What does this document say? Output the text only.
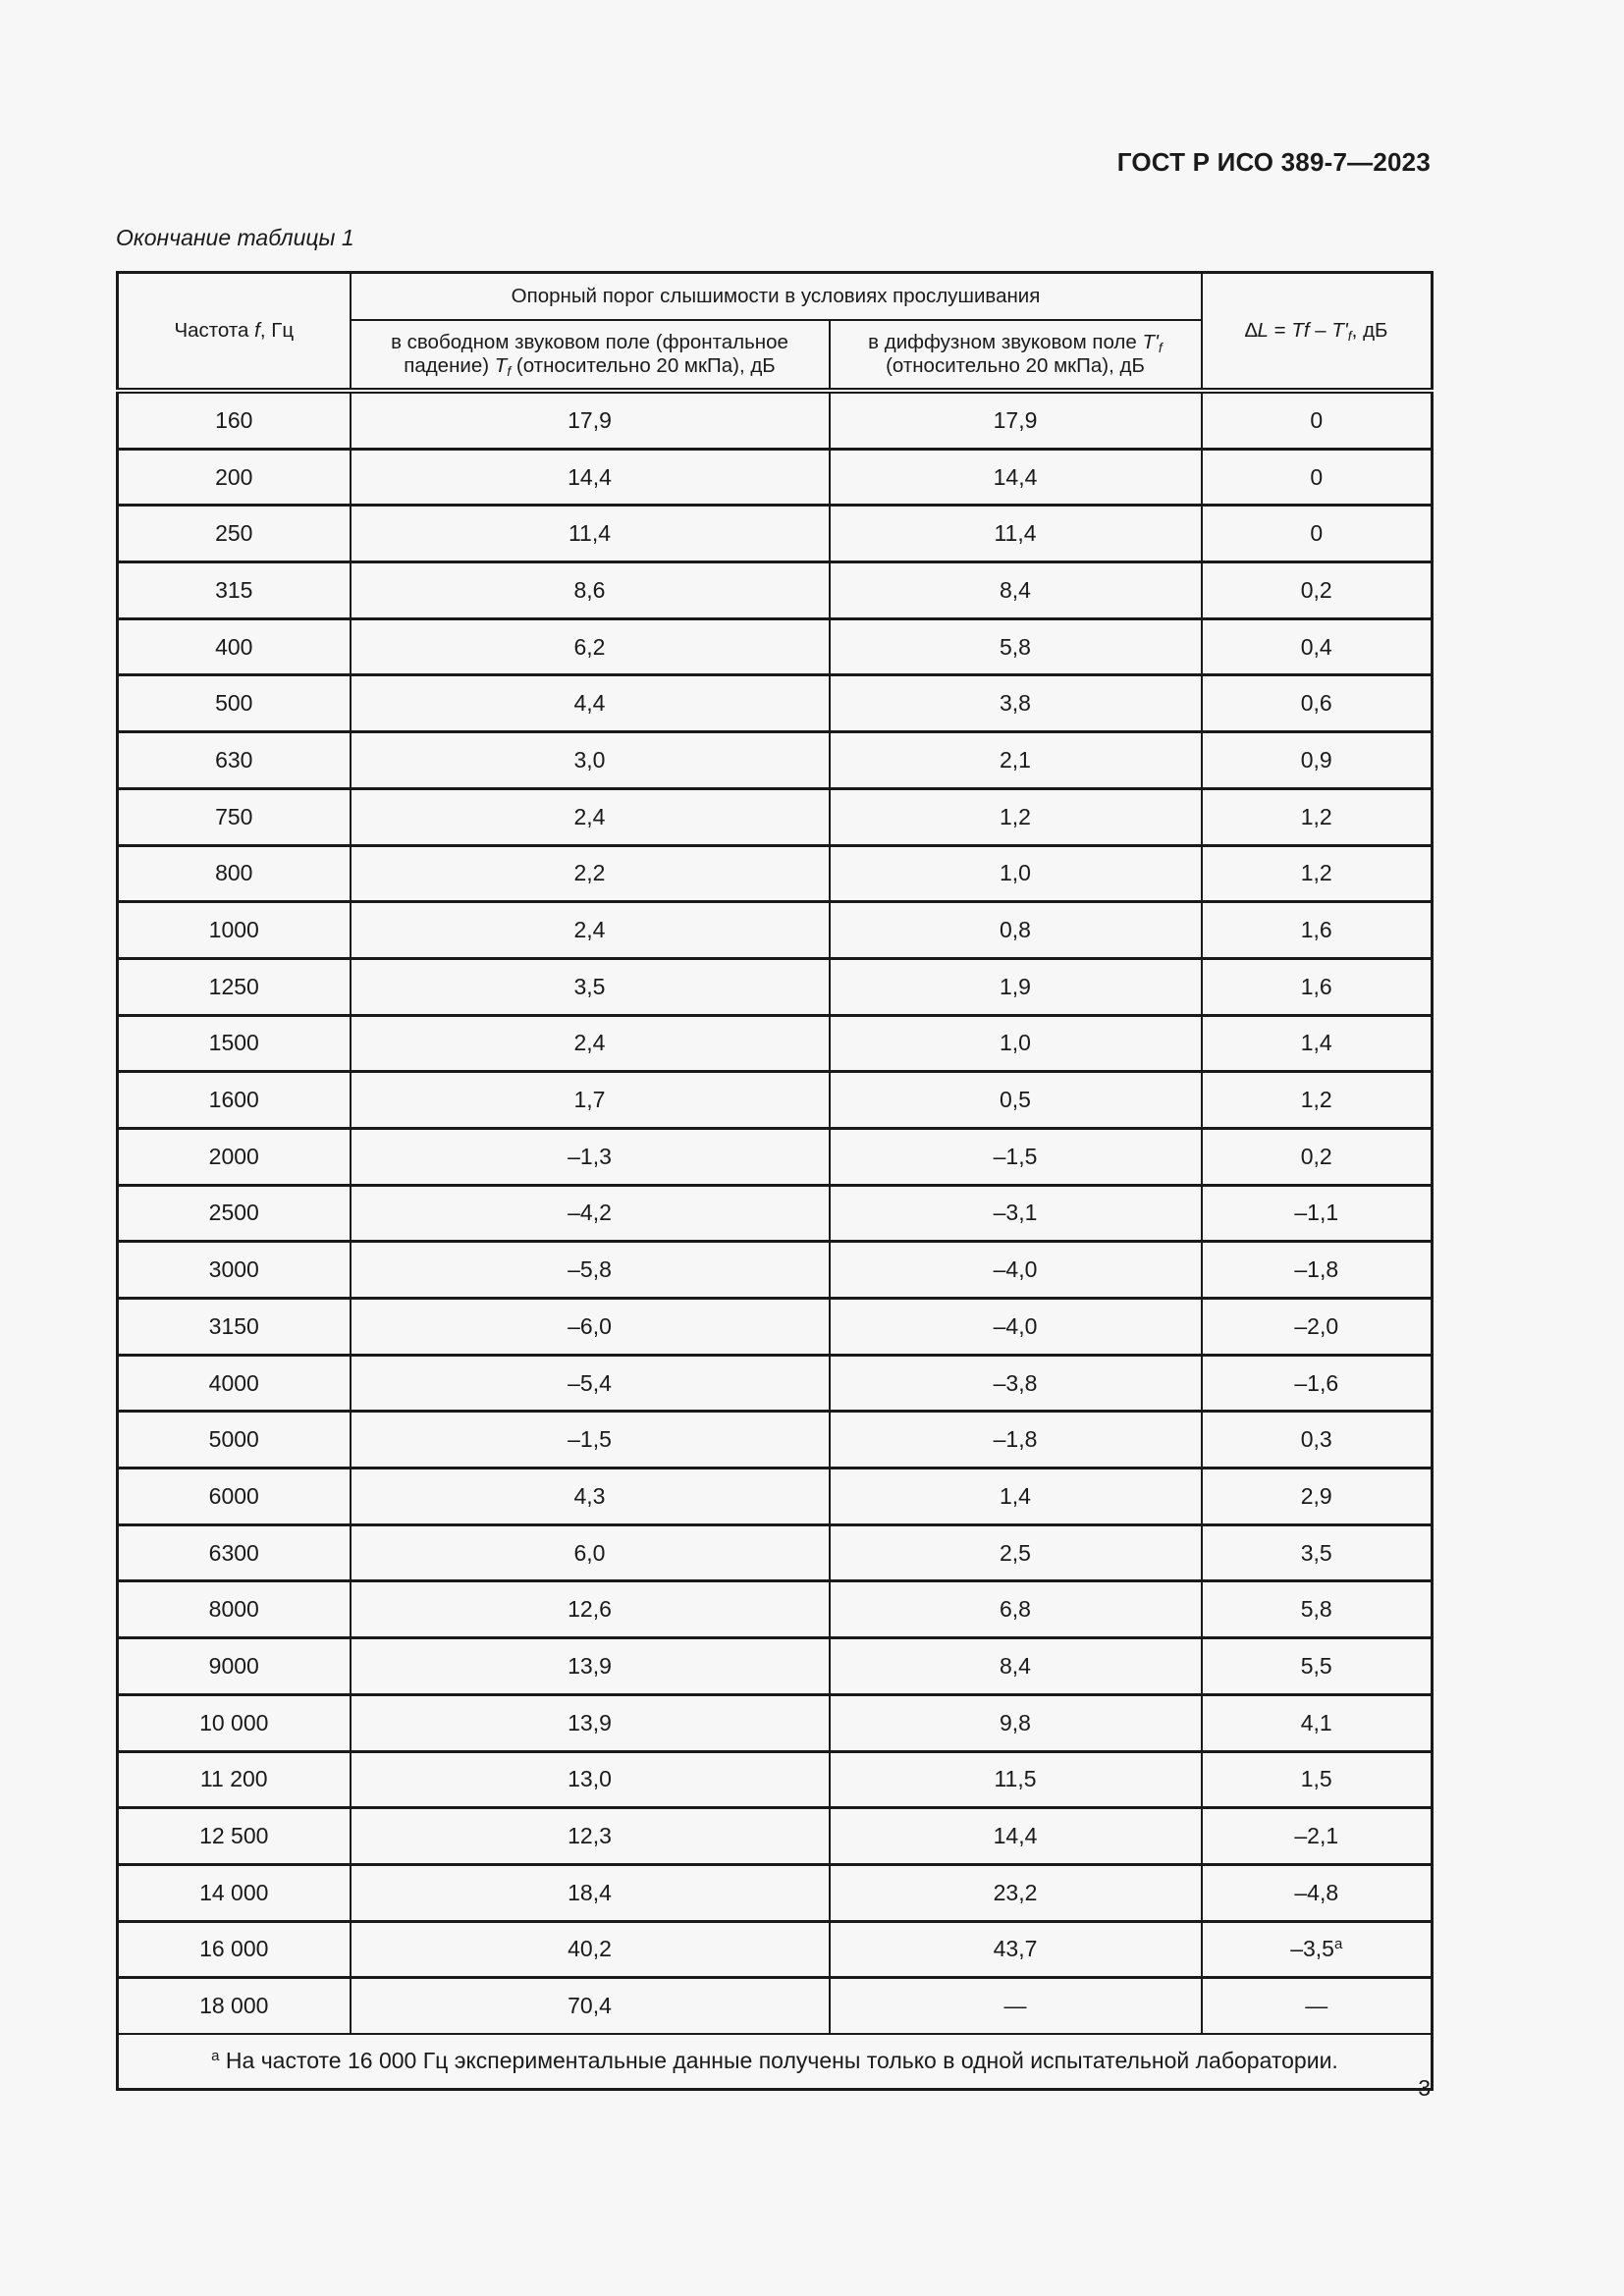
ГОСТ Р ИСО 389-7—2023
Окончание таблицы 1
Частота f, Гц	Опорный порог слышимости в условиях прослушивания		$\Delta L = Tf - T'_f$, дБ
	в свободном звуковом поле (фронтальное
падение) $T_f$ (относительно 20 мкПа), дБ	в диффузном звуковом поле $T'_f$
(относительно 20 мкПа), дБ	
160	17,9	17,9	0
200	14,4	14,4	0
250	11,4	11,4	0
315	8,6	8,4	0,2
400	6,2	5,8	0,4
500	4,4	3,8	0,6
630	3,0	2,1	0,9
750	2,4	1,2	1,2
800	2,2	1,0	1,2
1000	2,4	0,8	1,6
1250	3,5	1,9	1,6
1500	2,4	1,0	1,4
1600	1,7	0,5	1,2
2000	–1,3	–1,5	0,2
2500	–4,2	–3,1	–1,1
3000	–5,8	–4,0	–1,8
3150	–6,0	–4,0	–2,0
4000	–5,4	–3,8	–1,6
5000	–1,5	–1,8	0,3
6000	4,3	1,4	2,9
6300	6,0	2,5	3,5
8000	12,6	6,8	5,8
9000	13,9	8,4	5,5
10 000	13,9	9,8	4,1
11 200	13,0	11,5	1,5
12 500	12,3	14,4	–2,1
14 000	18,4	23,2	–4,8
16 000	40,2	43,7	–3,5$^a$
18 000	70,4	—	—
$^a$ На частоте 16 000 Гц экспериментальные данные получены только в одной испытательной лаборатории.			
3
